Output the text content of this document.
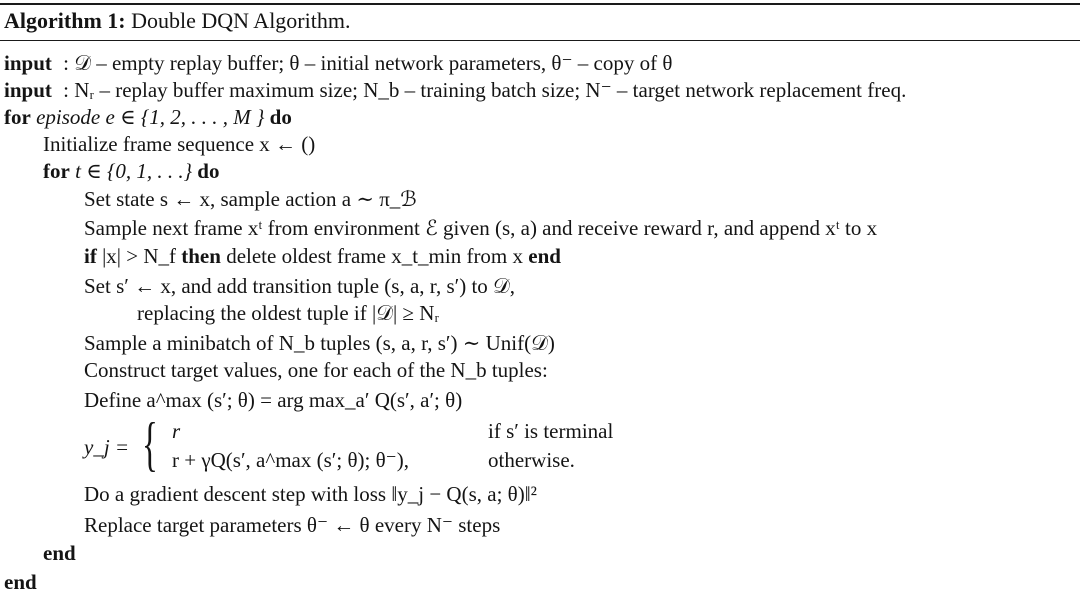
Algorithm 1: Double DQN Algorithm.
input : 𝒟 – empty replay buffer; θ – initial network parameters, θ⁻ – copy of θ
input : Nᵣ – replay buffer maximum size; N_b – training batch size; N⁻ – target network replacement freq.
for episode e ∈ {1, 2, . . . , M } do
Initialize frame sequence x ← ()
for t ∈ {0, 1, . . .} do
Set state s ← x, sample action a ∼ π_ℬ
Sample next frame xᵗ from environment ℰ given (s, a) and receive reward r, and append xᵗ to x
if |x| > N_f then delete oldest frame x_t_min from x end
Set s′ ← x, and add transition tuple (s, a, r, s′) to 𝒟,
replacing the oldest tuple if |𝒟| ≥ Nᵣ
Sample a minibatch of N_b tuples (s, a, r, s′) ∼ Unif(𝒟)
Construct target values, one for each of the N_b tuples:
Define a^max (s′; θ) = arg max_a′ Q(s′, a′; θ)
y_j = { r	if s′ is terminal
r + γQ(s′, a^max (s′; θ); θ⁻),	otherwise.
Do a gradient descent step with loss ‖y_j − Q(s, a; θ)‖²
Replace target parameters θ⁻ ← θ every N⁻ steps
end
end
